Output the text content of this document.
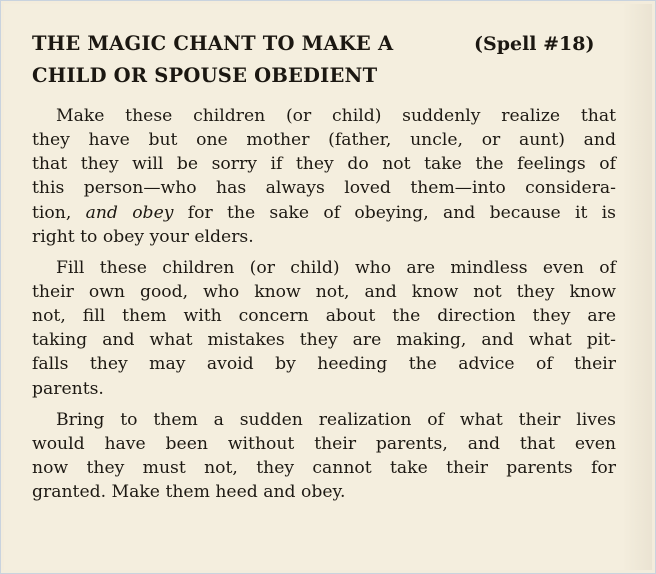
THE MAGIC CHANT TO MAKE A
CHILD OR SPOUSE OBEDIENT
(Spell #18)
Make these children (or child) suddenly realize that
they have but one mother (father, uncle, or aunt) and
that they will be sorry if they do not take the feelings of
this person—who has always loved them—into considera-
tion, and obey for the sake of obeying, and because it is
right to obey your elders.
Fill these children (or child) who are mindless even of
their own good, who know not, and know not they know
not, fill them with concern about the direction they are
taking and what mistakes they are making, and what pit-
falls they may avoid by heeding the advice of their
parents.
Bring to them a sudden realization of what their lives
would have been without their parents, and that even
now they must not, they cannot take their parents for
granted. Make them heed and obey.
